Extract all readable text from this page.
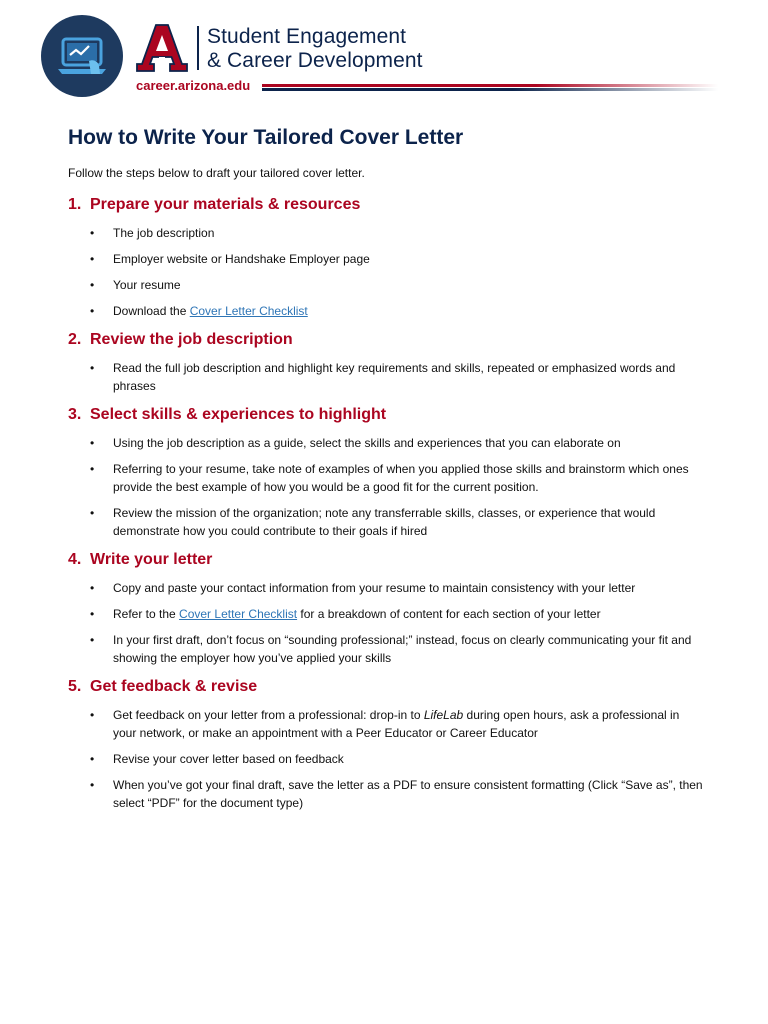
Student Engagement
& Career Development
career.arizona.edu
How to Write Your Tailored Cover Letter

Follow the steps below to draft your tailored cover letter.

1. Prepare your materials & resources
• The job description
• Employer website or Handshake Employer page
• Your resume
• Download the Cover Letter Checklist
2. Review the job description
• Read the full job description and highlight key requirements and skills, repeated or emphasized words and phrases
3. Select skills & experiences to highlight
• Using the job description as a guide, select the skills and experiences that you can elaborate on
• Referring to your resume, take note of examples of when you applied those skills and brainstorm which ones provide the best example of how you would be a good fit for the current position.
• Review the mission of the organization; note any transferrable skills, classes, or experience that would demonstrate how you could contribute to their goals if hired
4. Write your letter
• Copy and paste your contact information from your resume to maintain consistency with your letter
• Refer to the Cover Letter Checklist for a breakdown of content for each section of your letter
• In your first draft, don’t focus on “sounding professional;” instead, focus on clearly communicating your fit and showing the employer how you’ve applied your skills
5. Get feedback & revise
• Get feedback on your letter from a professional: drop-in to LifeLab during open hours, ask a professional in your network, or make an appointment with a Peer Educator or Career Educator
• Revise your cover letter based on feedback
• When you’ve got your final draft, save the letter as a PDF to ensure consistent formatting (Click “Save as”, then select “PDF” for the document type)
